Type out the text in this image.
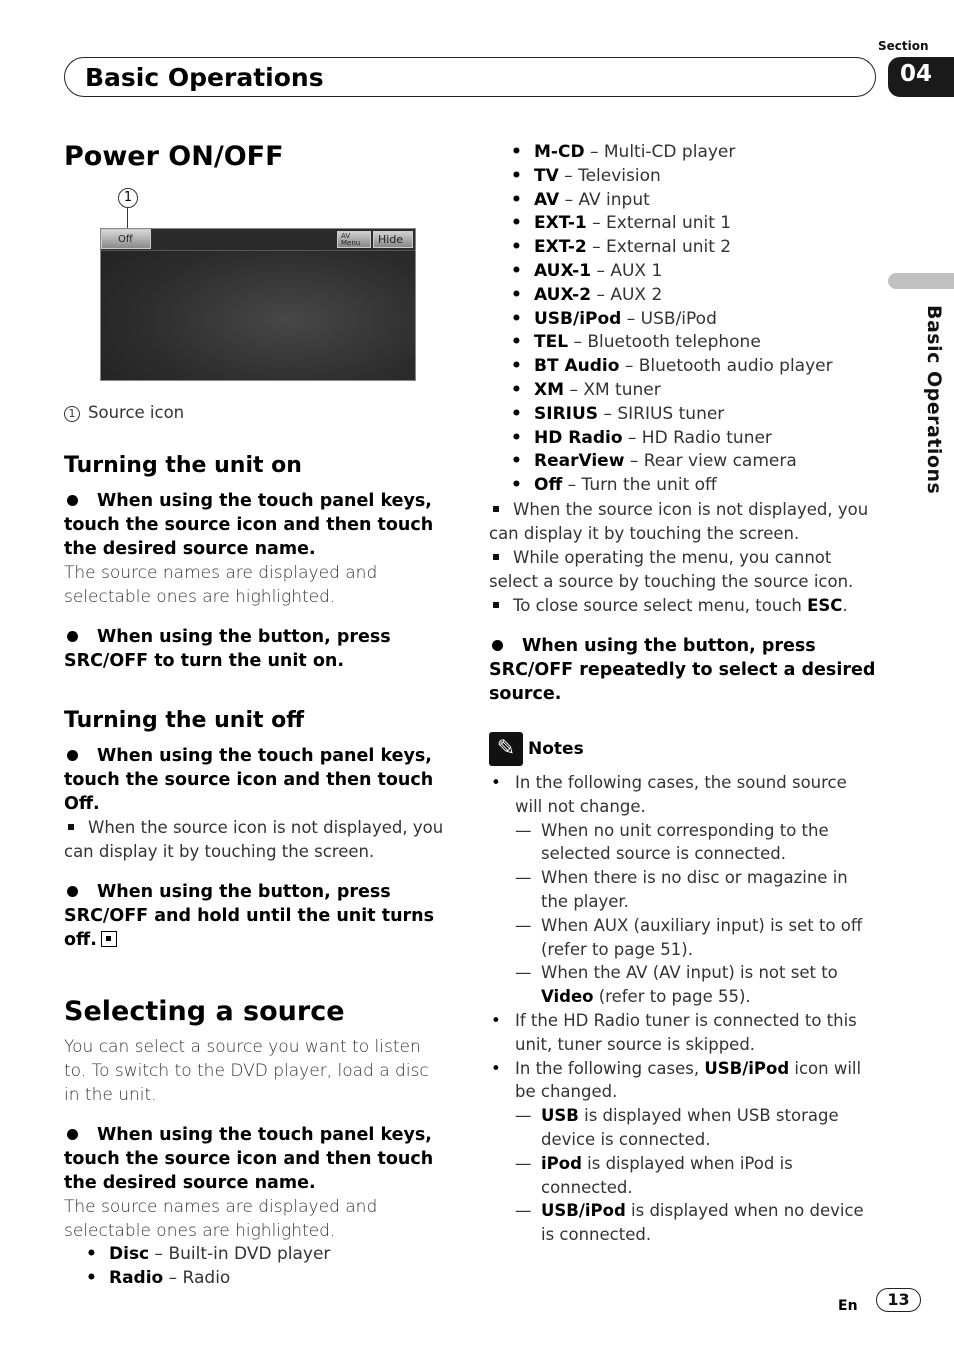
Section
Basic Operations	04
Basic Operations
Power ON/OFF
1
Off	AV Menu	Hide
1 Source icon
Turning the unit on
When using the touch panel keys, touch the source icon and then touch the desired source name.
The source names are displayed and selectable ones are highlighted.
When using the button, press SRC/OFF to turn the unit on.
Turning the unit off
When using the touch panel keys, touch the source icon and then touch Off.
When the source icon is not displayed, you can display it by touching the screen.
When using the button, press SRC/OFF and hold until the unit turns off.
Selecting a source
You can select a source you want to listen to. To switch to the DVD player, load a disc in the unit.
When using the touch panel keys, touch the source icon and then touch the desired source name.
The source names are displayed and selectable ones are highlighted.
• Disc – Built-in DVD player
• Radio – Radio
• M-CD – Multi-CD player
• TV – Television
• AV – AV input
• EXT-1 – External unit 1
• EXT-2 – External unit 2
• AUX-1 – AUX 1
• AUX-2 – AUX 2
• USB/iPod – USB/iPod
• TEL – Bluetooth telephone
• BT Audio – Bluetooth audio player
• XM – XM tuner
• SIRIUS – SIRIUS tuner
• HD Radio – HD Radio tuner
• RearView – Rear view camera
• Off – Turn the unit off
When the source icon is not displayed, you can display it by touching the screen.
While operating the menu, you cannot select a source by touching the source icon.
To close source select menu, touch ESC.
When using the button, press SRC/OFF repeatedly to select a desired source.
✎ Notes
• In the following cases, the sound source will not change.
— When no unit corresponding to the selected source is connected.
— When there is no disc or magazine in the player.
— When AUX (auxiliary input) is set to off (refer to page 51).
— When the AV (AV input) is not set to Video (refer to page 55).
• If the HD Radio tuner is connected to this unit, tuner source is skipped.
• In the following cases, USB/iPod icon will be changed.
— USB is displayed when USB storage device is connected.
— iPod is displayed when iPod is connected.
— USB/iPod is displayed when no device is connected.
En	13
